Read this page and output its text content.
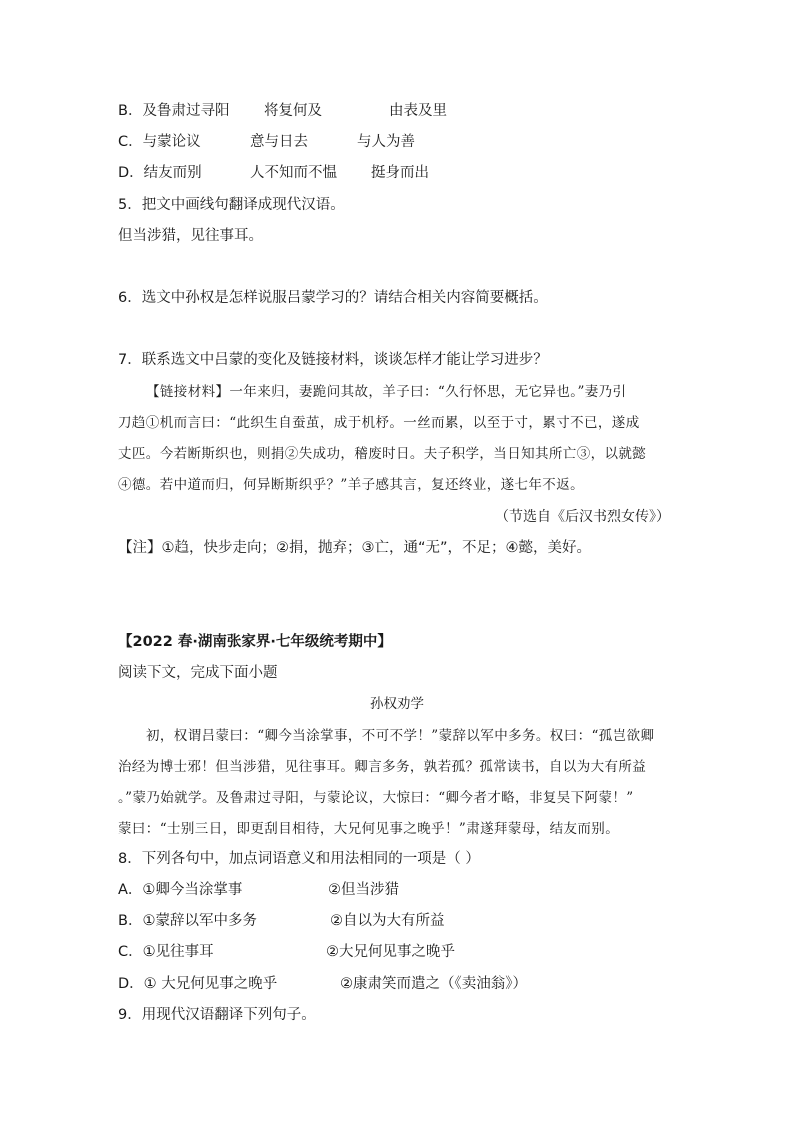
B．及鲁肃过寻阳 将复何及	由表及里
C．与蒙论议	意与日去	与人为善
D．结友而别	人不知而不愠 挺身而出
5．把文中画线句翻译成现代汉语。
但当涉猎，见往事耳。
6．选文中孙权是怎样说服吕蒙学习的？请结合相关内容简要概括。
7．联系选文中吕蒙的变化及链接材料，谈谈怎样才能让学习进步？
【链接材料】一年来归，妻跪问其故，羊子曰：“久行怀思，无它异也。”妻乃引
刀趋①机而言曰：“此织生自蚕茧，成于机杼。一丝而累，以至于寸，累寸不已，遂成
丈匹。今若断斯织也，则捐②失成功，稽废时日。夫子积学，当日知其所亡③，以就懿
④德。若中道而归，何异断斯织乎？”羊子感其言，复还终业，遂七年不返。
（节选自《后汉书烈女传》）
【注】①趋，快步走向；②捐，抛弃；③亡，通“无”，不足；④懿，美好。
【2022 春·湖南张家界·七年级统考期中】
阅读下文，完成下面小题
孙权劝学
初，权谓吕蒙曰：“卿今当涂掌事，不可不学！”蒙辞以军中多务。权曰：“孤岂欲卿
治经为博士邪！但当涉猎，见往事耳。卿言多务，孰若孤？孤常读书，自以为大有所益
。”蒙乃始就学。及鲁肃过寻阳，与蒙论议，大惊曰：“卿今者才略，非复吴下阿蒙！”
蒙曰：“士别三日，即更刮目相待，大兄何见事之晚乎！”肃遂拜蒙母，结友而别。
8．下列各句中，加点词语意义和用法相同的一项是（ ）
A．①卿今当涂掌事	②但当涉猎
B．①蒙辞以军中多务	②自以为大有所益
C．①见往事耳	②大兄何见事之晚乎
D．① 大兄何见事之晚乎	②康肃笑而遣之（《卖油翁》）
9．用现代汉语翻译下列句子。
